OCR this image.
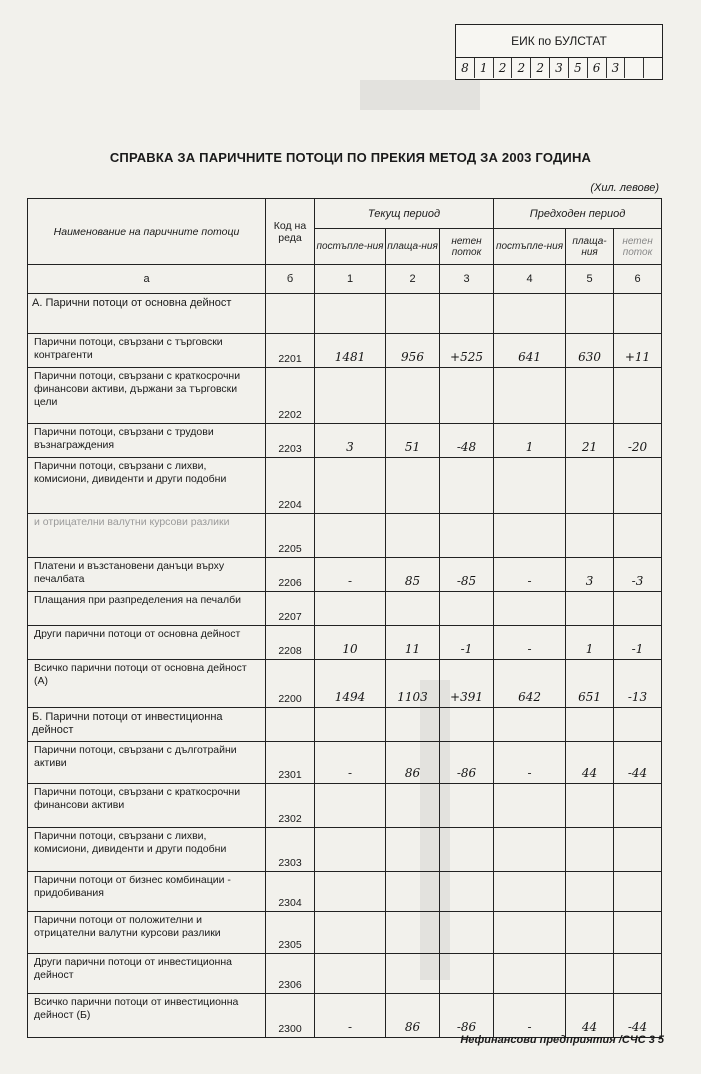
ЕИК по БУЛСТАТ
8 1 2 2 2 3 5 6 3
СПРАВКА ЗА ПАРИЧНИТЕ ПОТОЦИ ПО ПРЕКИЯ МЕТОД ЗА 2003 ГОДИНА
(Хил. левове)
Наименование на паричните потоци	Код на реда	Текущ период			Предходен период		
		постъпле-ния	плаща-ния	нетен поток	постъпле-ния	плаща-ния	нетен поток
а	б	1	2	3	4	5	6
А. Парични потоци от основна дейност							
Парични потоци, свързани с търговски контрагенти	2201	1481	956	+525	641	630	+11
Парични потоци, свързани с краткосрочни финансови активи, държани за търговски цели	2202						
Парични потоци, свързани с трудови възнаграждения	2203	3	51	-48	1	21	-20
Парични потоци, свързани с лихви, комисиони, дивиденти и други подобни	2204						
и отрицателни валутни курсови разлики	2205						
Платени и възстановени данъци върху печалбата	2206	-	85	-85	-	3	-3
Плащания при разпределения на печалби	2207						
Други парични потоци от основна дейност	2208	10	11	-1	-	1	-1
Всичко парични потоци от основна дейност (А)	2200	1494	1103	+391	642	651	-13
Б. Парични потоци от инвестиционна дейност							
Парични потоци, свързани с дълготрайни активи	2301	-	86	-86	-	44	-44
Парични потоци, свързани с краткосрочни финансови активи	2302						
Парични потоци, свързани с лихви, комисиони, дивиденти и други подобни	2303						
Парични потоци от бизнес комбинации - придобивания	2304						
Парични потоци от положителни и отрицателни валутни курсови разлики	2305						
Други парични потоци от инвестиционна дейност	2306						
Всичко парични потоци от инвестиционна дейност (Б)	2300	-	86	-86	-	44	-44
Нефинансови предприятия /СЧС 3 5
